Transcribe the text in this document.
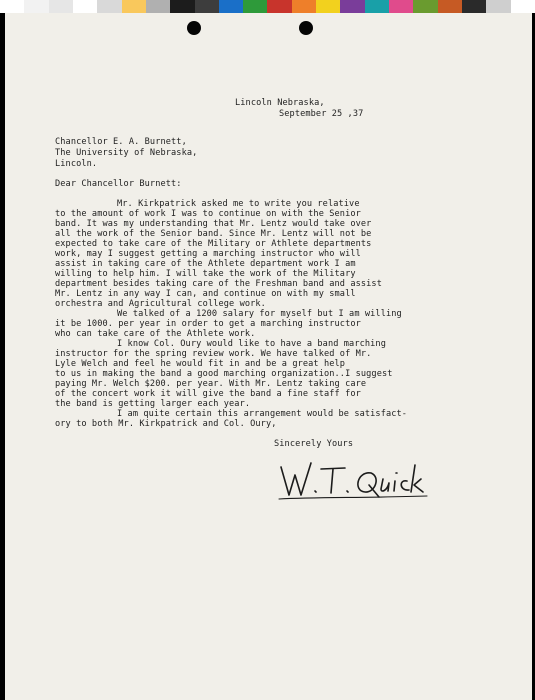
Lincoln Nebraska,
September 25 ,37
Chancellor E. A. Burnett,
The University of Nebraska,
Lincoln.
Dear Chancellor Burnett:
Mr. Kirkpatrick asked me to write you relative
to the amount of work I was to continue on with the Senior
band. It was my understanding that Mr. Lentz would take over
all the work of the Senior band. Since Mr. Lentz will not be
expected to take care of the Military or Athlete departments
work, may I suggest getting a marching instructor who will
assist in taking care of the Athlete department work I am
willing to help him. I will take the work of the Military
department besides taking care of the Freshman band and assist
Mr. Lentz in any way I can, and continue on with my small
orchestra and Agricultural college work.
We talked of a 1200 salary for myself but I am willing
it be 1000. per year in order to get a marching instructor
who can take care of the Athlete work.
I know Col. Oury would like to have a band marching
instructor for the spring review work. We have talked of Mr.
Lyle Welch and feel he would fit in and be a great help
to us in making the band a good marching organization..I suggest
paying Mr. Welch $200. per year. With Mr. Lentz taking care
of the concert work it will give the band a fine staff for
the band is getting larger each year.
I am quite certain this arrangement would be satisfact-
ory to both Mr. Kirkpatrick and Col. Oury,
Sincerely Yours
